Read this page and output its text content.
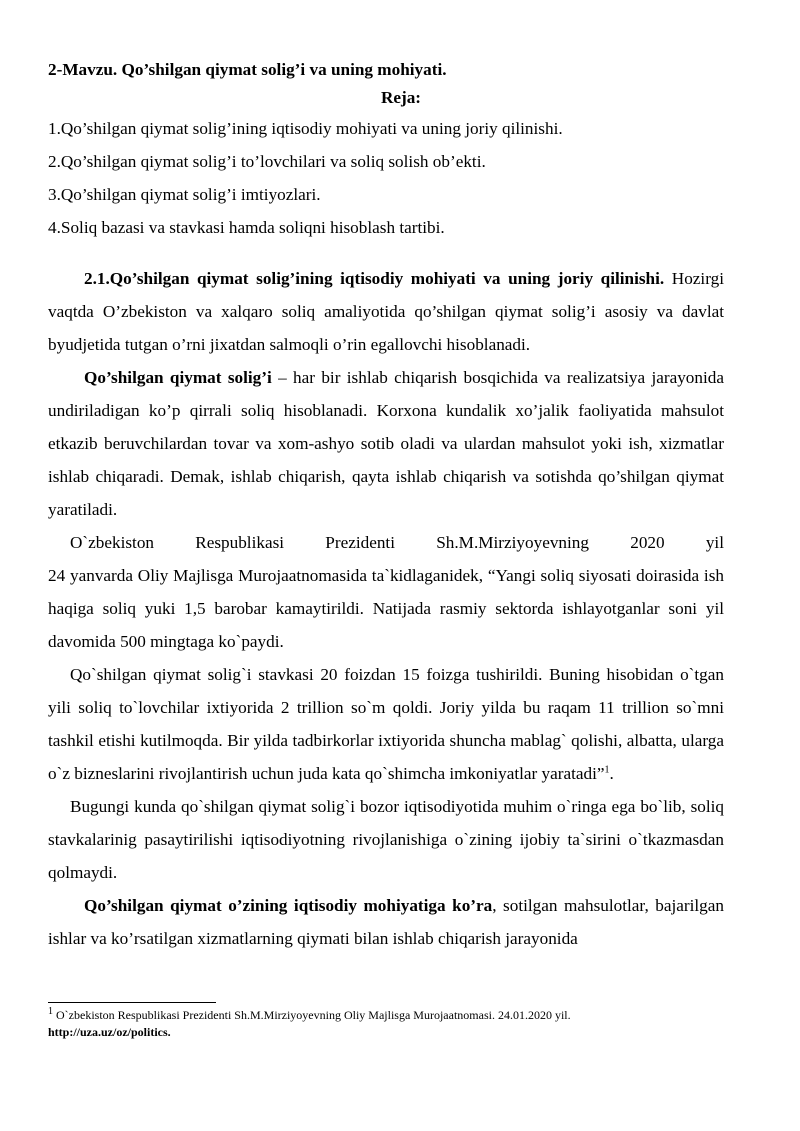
2-Mavzu. Qo’shilgan qiymat solig’i va uning mohiyati.

Reja:

1.Qo’shilgan qiymat solig’ining iqtisodiy mohiyati va uning joriy qilinishi.

2.Qo’shilgan qiymat solig’i to’lovchilari va soliq solish ob’ekti.

3.Qo’shilgan qiymat solig’i imtiyozlari.

4.Soliq bazasi va stavkasi hamda soliqni hisoblash tartibi.

2.1.Qo’shilgan qiymat solig’ining iqtisodiy mohiyati va uning joriy qilinishi. Hozirgi vaqtda O’zbekiston va xalqaro soliq amaliyotida qo’shilgan qiymat solig’i asosiy va davlat byudjetida tutgan o’rni jixatdan salmoqli o’rin egallovchi hisoblanadi.

Qo’shilgan qiymat solig’i – har bir ishlab chiqarish bosqichida va realizatsiya jarayonida undiriladigan ko’p qirrali soliq hisoblanadi. Korxona kundalik xo’jalik faoliyatida mahsulot etkazib beruvchilardan tovar va xom-ashyo sotib oladi va ulardan mahsulot yoki ish, xizmatlar ishlab chiqaradi. Demak, ishlab chiqarish, qayta ishlab chiqarish va sotishda qo’shilgan qiymat yaratiladi.

O`zbekiston Respublikasi Prezidenti Sh.M.Mirziyoyevning 2020 yil

24 yanvarda Oliy Majlisga Murojaatnomasida ta`kidlaganidek, “Yangi soliq siyosati doirasida ish haqiga soliq yuki 1,5 barobar kamaytirildi. Natijada rasmiy sektorda ishlayotganlar soni yil davomida 500 mingtaga ko`paydi.

Qo`shilgan qiymat solig`i stavkasi 20 foizdan 15 foizga tushirildi. Buning hisobidan o`tgan yili soliq to`lovchilar ixtiyorida 2 trillion so`m qoldi. Joriy yilda bu raqam 11 trillion so`mni tashkil etishi kutilmoqda. Bir yilda tadbirkorlar ixtiyorida shuncha mablag` qolishi, albatta, ularga o`z bizneslarini rivojlantirish uchun juda kata qo`shimcha imkoniyatlar yaratadi”$^1$.

Bugungi kunda qo`shilgan qiymat solig`i bozor iqtisodiyotida muhim o`ringa ega bo`lib, soliq stavkalarinig pasaytirilishi iqtisodiyotning rivojlanishiga o`zining ijobiy ta`sirini o`tkazmasdan qolmaydi.

Qo’shilgan qiymat o’zining iqtisodiy mohiyatiga ko’ra, sotilgan mahsulotlar, bajarilgan ishlar va ko’rsatilgan xizmatlarning qiymati bilan ishlab chiqarish jarayonida

$^1$ O`zbekiston Respublikasi Prezidenti Sh.M.Mirziyoyevning Oliy Majlisga Murojaatnomasi. 24.01.2020 yil.
http://uza.uz/oz/politics.
